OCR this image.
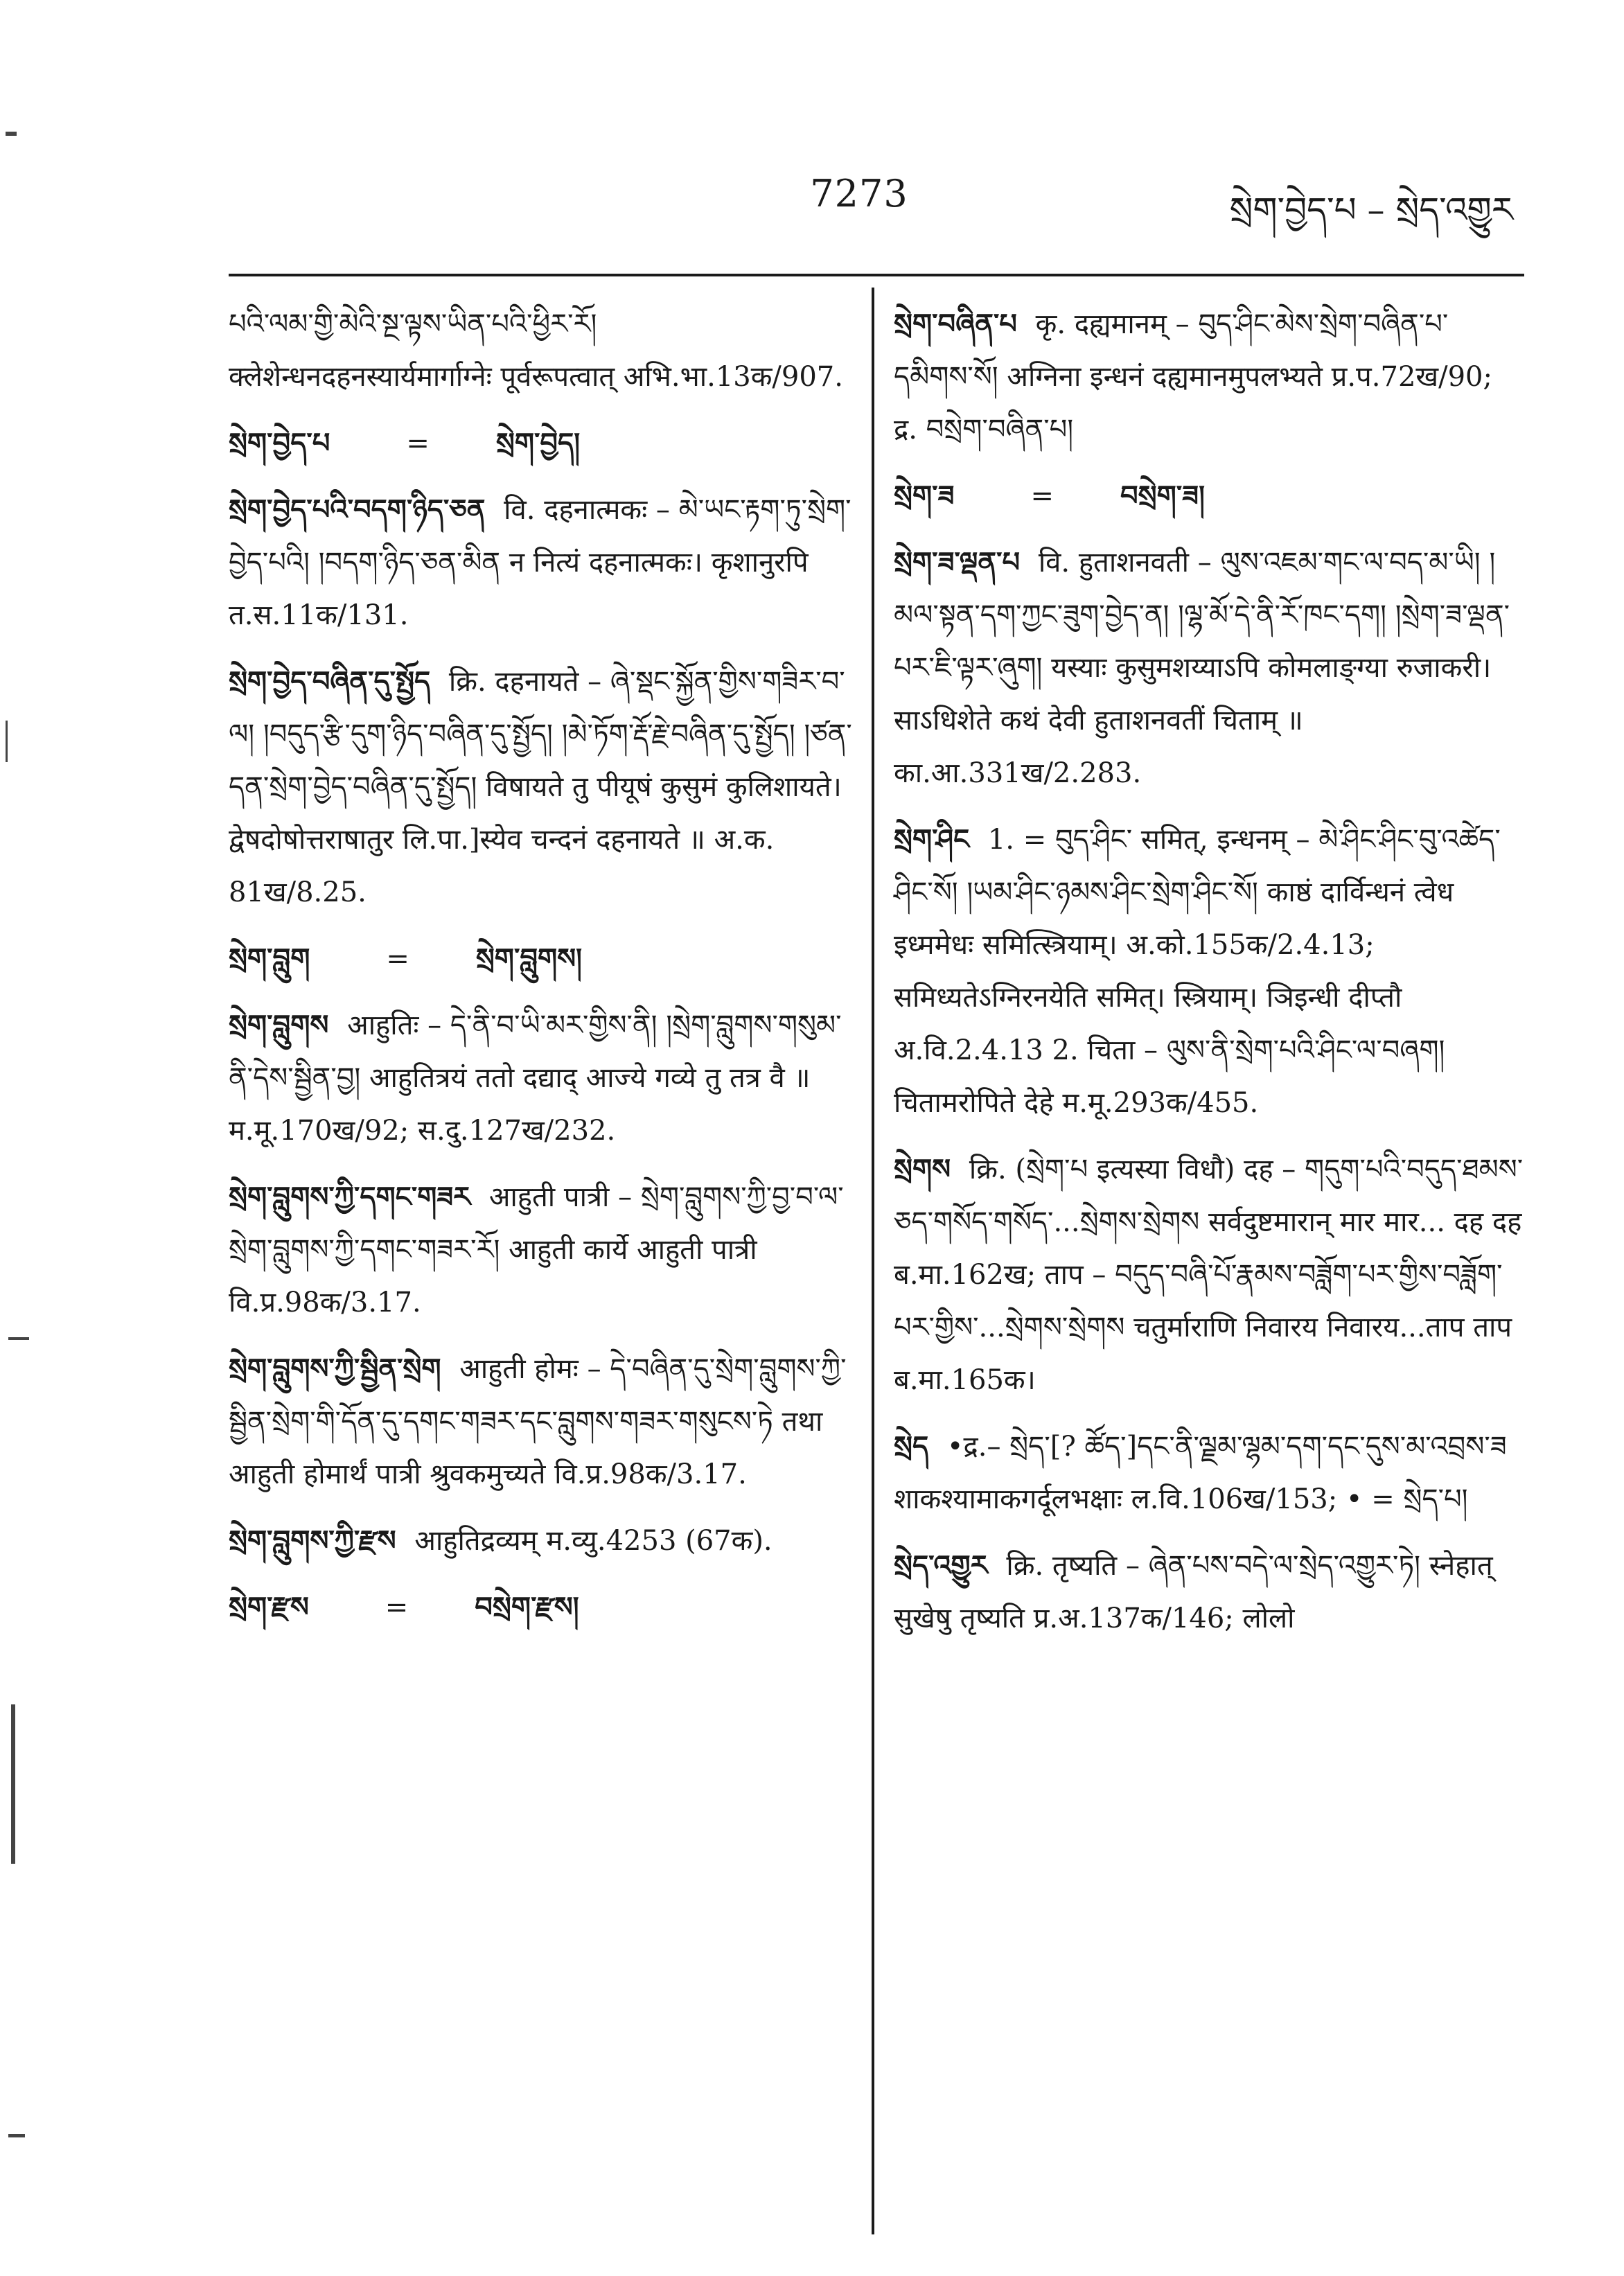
7273	སྲེག་བྱེད་པ – སྲེད་འགྱུར
པའི་ལམ་གྱི་མེའི་སྔ་ལྟས་ཡིན་པའི་ཕྱིར་རོ། क्लेशेन्धनदहनस्यार्यमार्गाग्नेः पूर्वरूपत्वात् अभि.भा.13क/907.
སྲེག་བྱེད་པ	= སྲེག་བྱེད།
སྲེག་བྱེད་པའི་བདག་ཉིད་ཅན वि. दहनात्मकः – མེ་ཡང་རྟག་ཏུ་སྲེག་བྱེད་པའི། །བདག་ཉིད་ཅན་མིན न नित्यं दहनात्मकः। कृशानुरपि त.स.11क/131.
སྲེག་བྱེད་བཞིན་དུ་སྤྱོད क्रि. दहनायते – ཞེ་སྡང་སྐྱོན་གྱིས་གཟིར་བ་ལ། །བདུད་རྩི་དུག་ཉིད་བཞིན་དུ་སྤྱོད། །མེ་ཏོག་རྡོ་རྗེ་བཞིན་དུ་སྤྱོད། །ཙན་དན་སྲེག་བྱེད་བཞིན་དུ་སྤྱོད། विषायते तु पीयूषं कुसुमं कुलिशायते। द्वेषदोषोत्तराषातुर लि.पा.]स्येव चन्दनं दहनायते ॥ अ.क. 81ख/8.25.
སྲེག་བླུག	= སྲེག་བླུགས།
སྲེག་བླུགས आहुतिः – དེ་ནི་བ་ཡི་མར་གྱིས་ནི། །སྲེག་བླུགས་གསུམ་ནི་དེས་སྦྱིན་བྱ། आहुतित्रयं ततो दद्याद् आज्ये गव्ये तु तत्र वै ॥ म.मू.170ख/92; स.दु.127ख/232.
སྲེག་བླུགས་ཀྱི་དགང་གཟར आहुती पात्री – སྲེག་བླུགས་ཀྱི་བྱ་བ་ལ་སྲེག་བླུགས་ཀྱི་དགང་གཟར་རོ། आहुती कार्ये आहुती पात्री वि.प्र.98क/3.17.
སྲེག་བླུགས་ཀྱི་སྦྱིན་སྲེག आहुती होमः – དེ་བཞིན་དུ་སྲེག་བླུགས་ཀྱི་སྦྱིན་སྲེག་གི་དོན་དུ་དགང་གཟར་དང་བླུགས་གཟར་གསུངས་ཏེ तथा आहुती होमार्थं पात्री श्रुवकमुच्यते वि.प्र.98क/3.17.
སྲེག་བླུགས་ཀྱི་རྫས आहुतिद्रव्यम् म.व्यु.4253 (67क).
སྲེག་རྫས	= བསྲེག་རྫས།
སྲེག་བཞིན་པ कृ. दह्यमानम् – བུད་ཤིང་མེས་སྲེག་བཞིན་པ་དམིགས་སོ། अग्निना इन्धनं दह्यमानमुपलभ्यते प्र.प.72ख/90; द्र. བསྲེག་བཞིན་པ།
སྲེག་ཟ	= བསྲེག་ཟ།
སྲེག་ཟ་ལྡན་པ वि. हुताशनवती – ལུས་འཇམ་གང་ལ་བད་མ་ཡི། །མལ་སྟན་དག་ཀྱང་ཟུག་བྱེད་ན། །ལྷ་མོ་དེ་ནི་རོ་ཁང་དག། །སྲེག་ཟ་ལྡན་པར་ཇི་ལྟར་ཞུག། यस्याः कुसुमशय्याऽपि कोमलाङ्ग्या रुजाकरी। साऽधिशेते कथं देवी हुताशनवतीं चिताम् ॥ का.आ.331ख/2.283.
སྲེག་ཤིང 1. = བུད་ཤིང་ समित्, इन्धनम् – མེ་ཤིང་ཤིང་བུ་འཚེད་ཤིང་སོ། །ཡམ་ཤིང་ཉམས་ཤིང་སྲེག་ཤིང་སོ། काष्ठं दार्विन्धनं त्वेध इध्ममेधः समित्स्त्रियाम्। अ.को.155क/2.4.13; समिध्यतेऽग्निरनयेति समित्। स्त्रियाम्। ञिइन्धी दीप्तौ अ.वि.2.4.13 2. चिता – ལུས་ནི་སྲེག་པའི་ཤིང་ལ་བཞག། चितामरोपिते देहे म.मू.293क/455.
སྲེགས क्रि. (སྲེག་པ इत्यस्या विधौ) दह – གདུག་པའི་བདུད་ཐམས་ཅད་གསོད་གསོད་...སྲེགས་སྲེགས सर्वदुष्टमारान् मार मार... दह दह ब.मा.162ख; ताप – བདུད་བཞི་པོ་རྣམས་བཟློག་པར་གྱིས་བཟློག་པར་གྱིས་...སྲེགས་སྲེགས चतुर्माराणि निवारय निवारय...ताप ताप ब.मा.165क।
སྲེད •द्र.– སྲེད་[? ཚོད་]དང་ནི་ལྗམ་ལྷམ་དག་དང་དུས་མ་འབྲས་ཟ शाकश्यामाकगर्दूलभक्षाः ल.वि.106ख/153; • = སྲེད་པ།
སྲེད་འགྱུར क्रि. तृष्यति – ཞེན་པས་བདེ་ལ་སྲེད་འགྱུར་ཏེ། स्नेहात् सुखेषु तृष्यति प्र.अ.137क/146; लोलो
